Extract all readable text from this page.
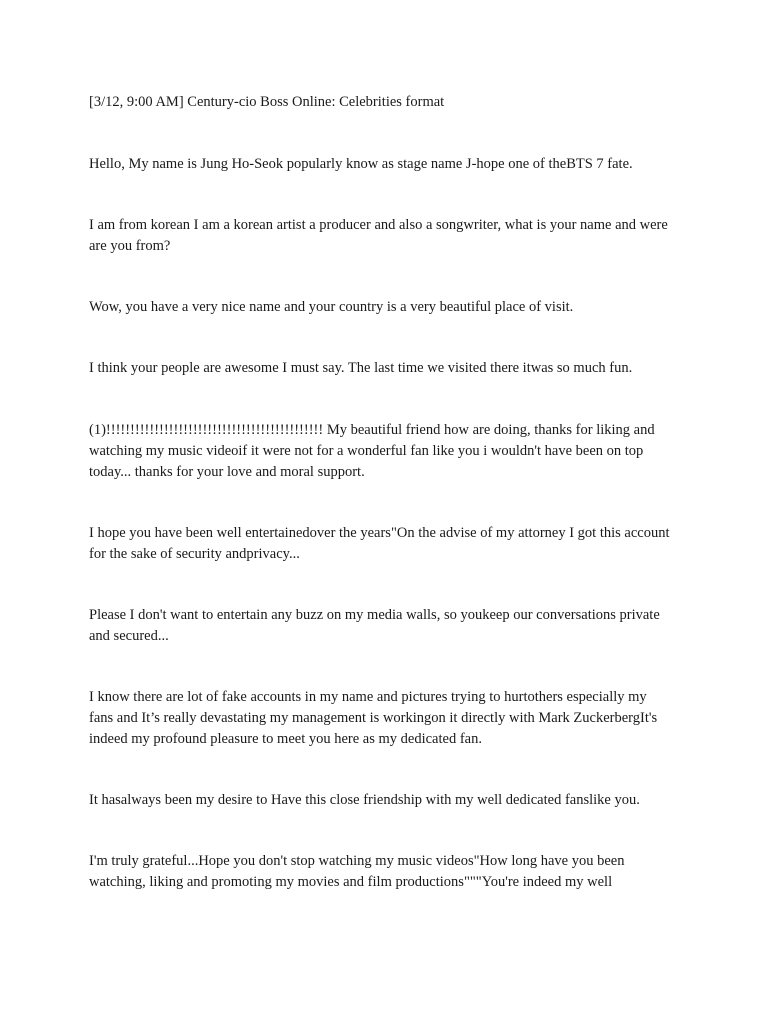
[3/12, 9:00 AM] Century-cio Boss Online: Celebrities format

Hello, My name is Jung Ho-Seok popularly know as stage name J-hope one of theBTS 7 fate.

I am from korean I am a korean artist a producer and also a songwriter, what is your name and were are you from?

Wow, you have a very nice name and your country is a very beautiful place of visit.

I think your people are awesome I must say. The last time we visited there itwas so much fun.

(1)!!!!!!!!!!!!!!!!!!!!!!!!!!!!!!!!!!!!!!!!!!!!! My beautiful friend how are doing, thanks for liking and watching my music videoif it were not for a wonderful fan like you i wouldn't have been on top today... thanks for your love and moral support.

I hope you have been well entertainedover the years"On the advise of my attorney I got this account for the sake of security andprivacy...

Please I don't want to entertain any buzz on my media walls, so youkeep our conversations private and secured...

I know there are lot of fake accounts in my name and pictures trying to hurtothers especially my fans and It’s really devastating my management is workingon it directly with Mark ZuckerbergIt's indeed my profound pleasure to meet you here as my dedicated fan.

It hasalways been my desire to Have this close friendship with my well dedicated fanslike you.

I'm truly grateful...Hope you don't stop watching my music videos"How long have you been watching, liking and promoting my movies and film productions"""You're indeed my well
